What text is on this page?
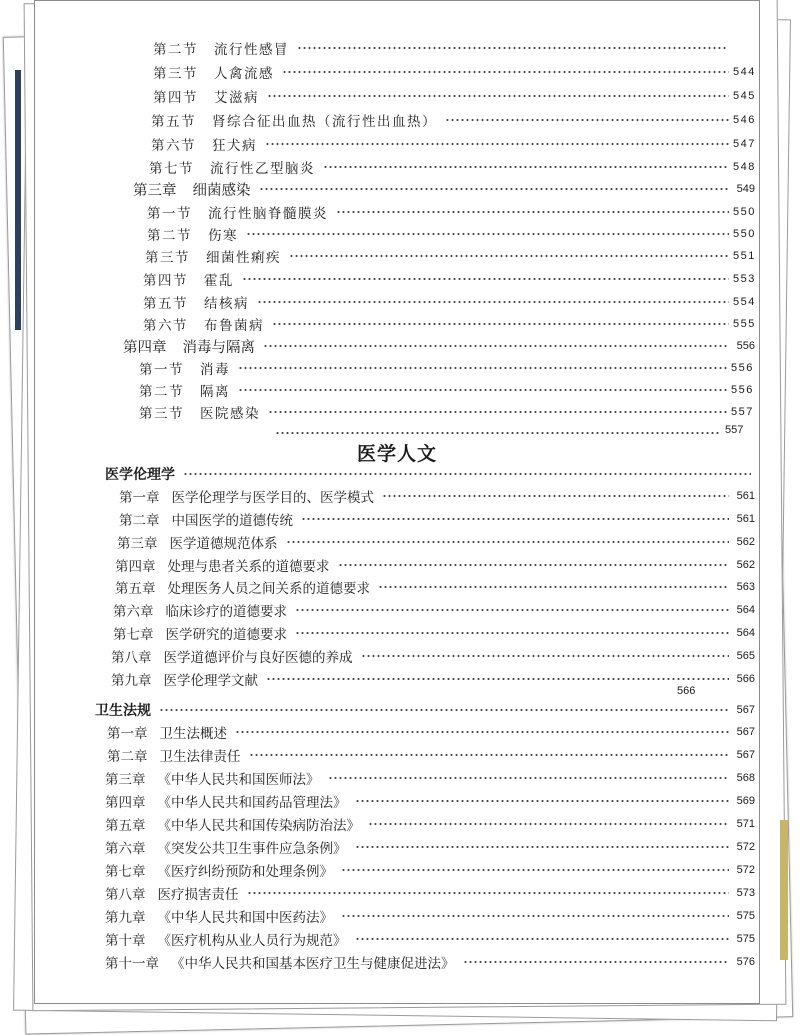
第二节	流行性感冒
第三节	人禽流感	544
第四节	艾滋病	545
第五节	肾综合征出血热（流行性出血热）	546
第六节	狂犬病	547
第七节	流行性乙型脑炎	548
第三章	细菌感染	549
第一节	流行性脑脊髓膜炎	550
第二节	伤寒	550
第三节	细菌性痢疾	551
第四节	霍乱	553
第五节	结核病	554
第六节	布鲁菌病	555
第四章	消毒与隔离	556
第一节	消毒	556
第二节	隔离	556
第三节	医院感染	557
557
医学人文
医学伦理学
第一章 医学伦理学与医学目的、医学模式	561
第二章 中国医学的道德传统	561
第三章 医学道德规范体系	562
第四章 处理与患者关系的道德要求	562
第五章 处理医务人员之间关系的道德要求	563
第六章 临床诊疗的道德要求	564
第七章 医学研究的道德要求	564
第八章 医学道德评价与良好医德的养成	565
第九章 医学伦理学文献	566
566
卫生法规	567
第一章 卫生法概述	567
第二章 卫生法律责任	567
第三章 《中华人民共和国医师法》	568
第四章 《中华人民共和国药品管理法》	569
第五章 《中华人民共和国传染病防治法》	571
第六章 《突发公共卫生事件应急条例》	572
第七章 《医疗纠纷预防和处理条例》	572
第八章 医疗损害责任	573
第九章 《中华人民共和国中医药法》	575
第十章 《医疗机构从业人员行为规范》	575
第十一章 《中华人民共和国基本医疗卫生与健康促进法》	576
